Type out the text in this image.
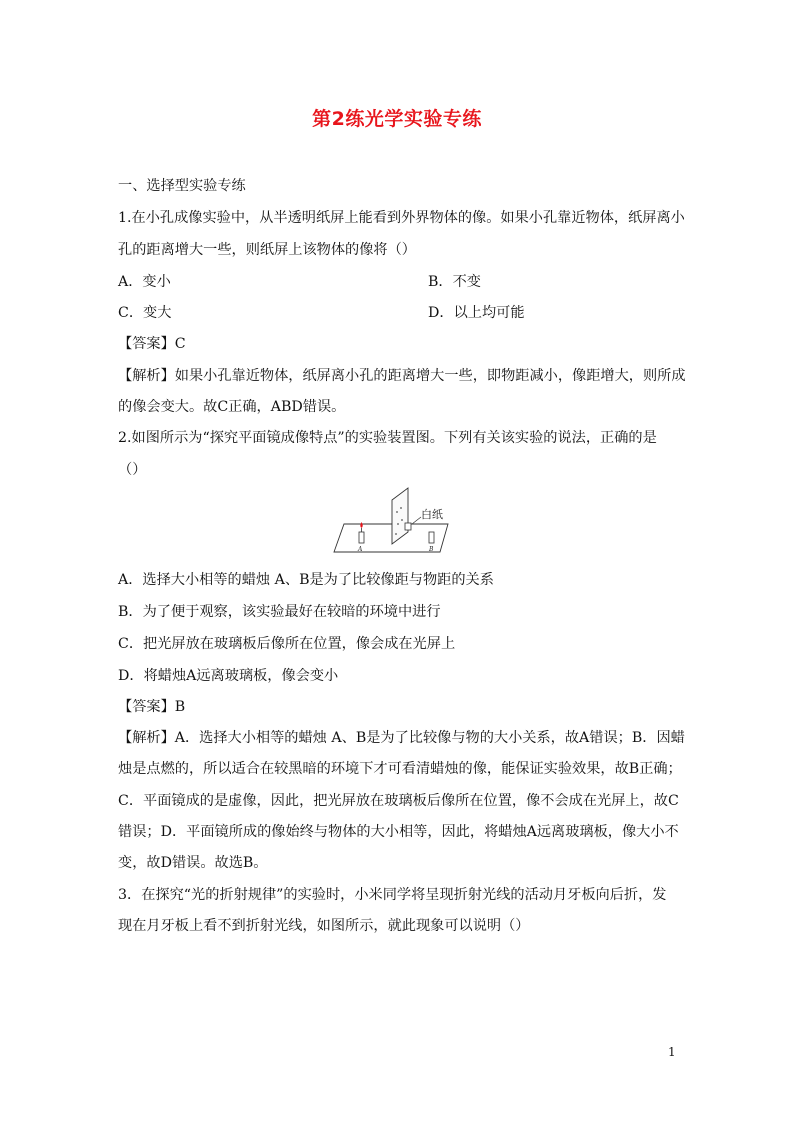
第2练光学实验专练
一、选择型实验专练
1.在小孔成像实验中，从半透明纸屏上能看到外界物体的像。如果小孔靠近物体，纸屏离小
孔的距离增大一些，则纸屏上该物体的像将（）
A．变小	B．不变
C．变大	D．以上均可能
【答案】C
【解析】如果小孔靠近物体，纸屏离小孔的距离增大一些，即物距减小，像距增大，则所成
的像会变大。故C正确，ABD错误。
2.如图所示为“探究平面镜成像特点”的实验装置图。下列有关该实验的说法，正确的是
（）
白纸
A	B
A．选择大小相等的蜡烛 A、B是为了比较像距与物距的关系
B．为了便于观察，该实验最好在较暗的环境中进行
C．把光屏放在玻璃板后像所在位置，像会成在光屏上
D．将蜡烛A远离玻璃板，像会变小
【答案】B
【解析】A．选择大小相等的蜡烛 A、B是为了比较像与物的大小关系，故A错误；B．因蜡
烛是点燃的，所以适合在较黑暗的环境下才可看清蜡烛的像，能保证实验效果，故B正确；
C．平面镜成的是虚像，因此，把光屏放在玻璃板后像所在位置，像不会成在光屏上，故C
错误；D．平面镜所成的像始终与物体的大小相等，因此，将蜡烛A远离玻璃板，像大小不
变，故D错误。故选B。
3．在探究“光的折射规律”的实验时，小米同学将呈现折射光线的活动月牙板向后折，发
现在月牙板上看不到折射光线，如图所示，就此现象可以说明（）
1
